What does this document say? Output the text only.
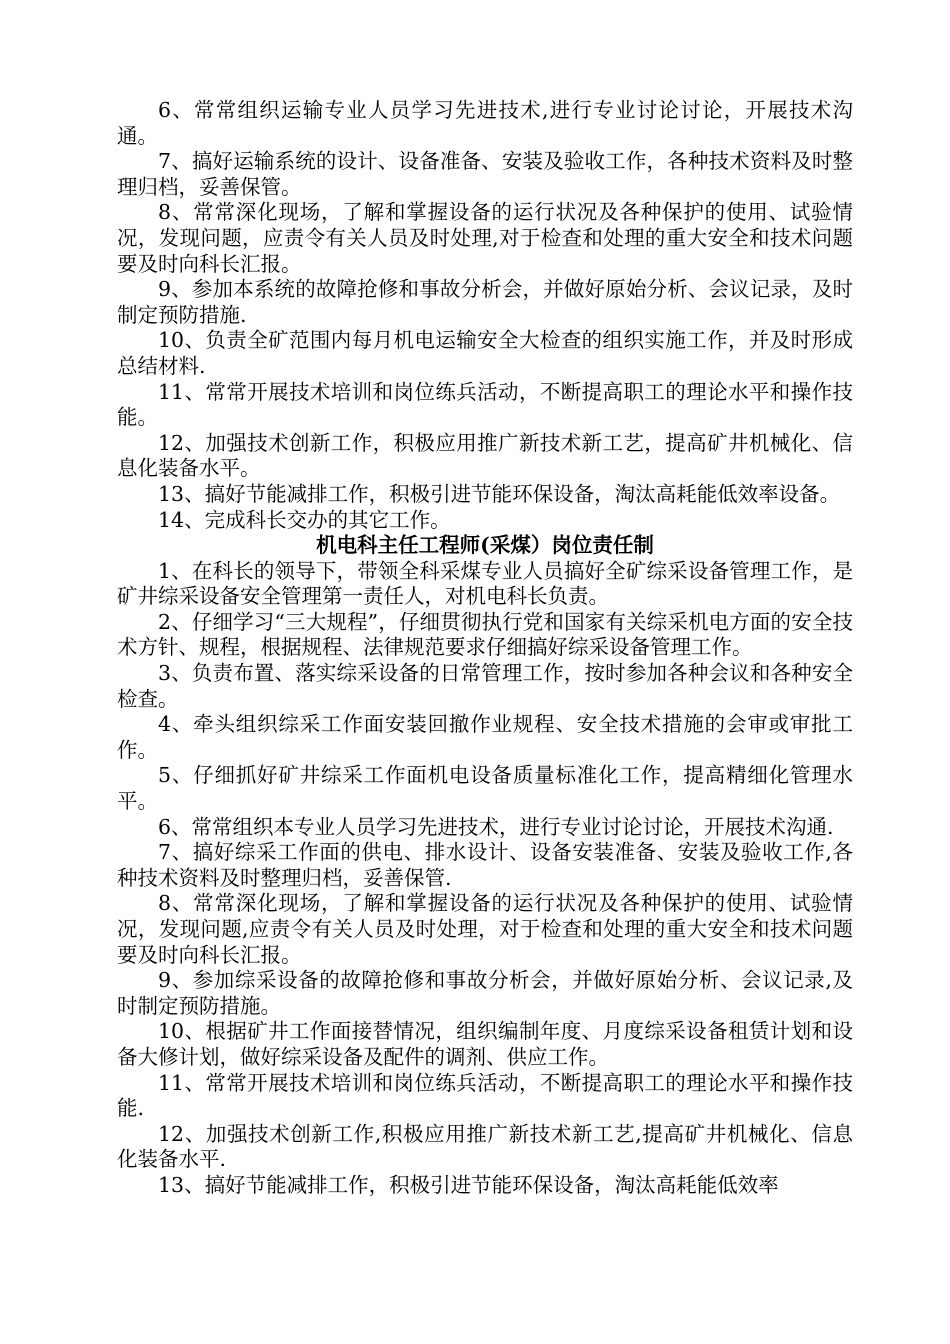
6、常常组织运输专业人员学习先进技术,进行专业讨论讨论，开展技术沟通。

7、搞好运输系统的设计、设备准备、安装及验收工作，各种技术资料及时整理归档，妥善保管。

8、常常深化现场，了解和掌握设备的运行状况及各种保护的使用、试验情况，发现问题，应责令有关人员及时处理,对于检查和处理的重大安全和技术问题要及时向科长汇报。

9、参加本系统的故障抢修和事故分析会，并做好原始分析、会议记录，及时制定预防措施.

10、负责全矿范围内每月机电运输安全大检查的组织实施工作，并及时形成总结材料.

11、常常开展技术培训和岗位练兵活动，不断提高职工的理论水平和操作技能。

12、加强技术创新工作，积极应用推广新技术新工艺，提高矿井机械化、信息化装备水平。

13、搞好节能减排工作，积极引进节能环保设备，淘汰高耗能低效率设备。

14、完成科长交办的其它工作。

机电科主任工程师(采煤）岗位责任制

1、在科长的领导下，带领全科采煤专业人员搞好全矿综采设备管理工作，是矿井综采设备安全管理第一责任人，对机电科长负责。

2、仔细学习“三大规程”，仔细贯彻执行党和国家有关综采机电方面的安全技术方针、规程，根据规程、法律规范要求仔细搞好综采设备管理工作。

3、负责布置、落实综采设备的日常管理工作，按时参加各种会议和各种安全检查。

4、牵头组织综采工作面安装回撤作业规程、安全技术措施的会审或审批工作。

5、仔细抓好矿井综采工作面机电设备质量标准化工作，提高精细化管理水平。

6、常常组织本专业人员学习先进技术，进行专业讨论讨论，开展技术沟通.

7、搞好综采工作面的供电、排水设计、设备安装准备、安装及验收工作,各种技术资料及时整理归档，妥善保管.

8、常常深化现场，了解和掌握设备的运行状况及各种保护的使用、试验情况，发现问题,应责令有关人员及时处理，对于检查和处理的重大安全和技术问题要及时向科长汇报。

9、参加综采设备的故障抢修和事故分析会，并做好原始分析、会议记录,及时制定预防措施。

10、根据矿井工作面接替情况，组织编制年度、月度综采设备租赁计划和设备大修计划，做好综采设备及配件的调剂、供应工作。

11、常常开展技术培训和岗位练兵活动，不断提高职工的理论水平和操作技能.

12、加强技术创新工作,积极应用推广新技术新工艺,提高矿井机械化、信息化装备水平.

13、搞好节能减排工作，积极引进节能环保设备，淘汰高耗能低效率
